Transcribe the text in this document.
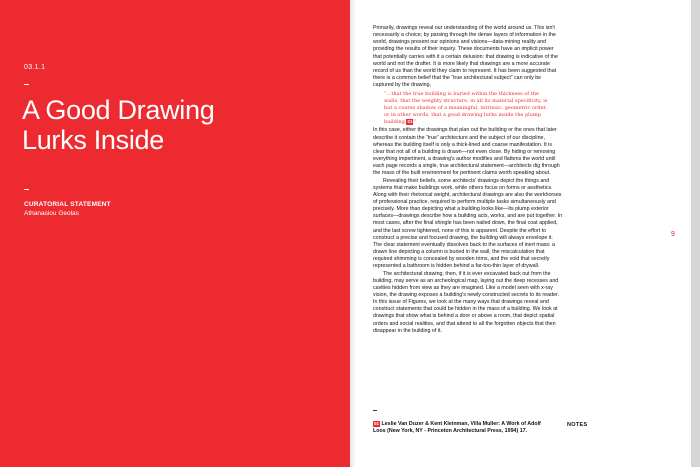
03.1.1
A Good Drawing
Lurks Inside
CURATORIAL STATEMENT
Athanasiou Geolas

Primarily, drawings reveal our understanding of the world around us. This isn't necessarily a choice; by parsing through the dense layers of information in the world, drawings present our opinions and visions—data-mining reality and providing the results of their inquiry. These documents have an implicit power that potentially carries with it a certain delusion: that drawing is indicative of the world and not the drafter. It is more likely that drawings are a more accurate record of us than the world they claim to represent. It has been suggested that there is a common belief that the “true architectural subject” can only be captured by the drawing,

“...that the true building is buried within the thickness of the walls, that the weighty structure, in all its material specificity, is but a coarse shadow of a meaningful, intrinsic, geometric order, or in other words, that a good drawing lurks inside the plump building.01”

In this case, either the drawings that plan out the building or the ones that later describe it contain the “true” architecture and the subject of our discipline, whereas the building itself is only a thick-lined and coarse manifestation. It is clear that not all of a building is drawn—not even close. By hiding or removing everything impertinent, a drawing's author modifies and flattens the world until each page records a single, true architectural statement—architects dig through the mass of the built environment for pertinent claims worth speaking about.

Revealing their beliefs, some architects' drawings depict the things and systems that make buildings work, while others focus on forms or aesthetics. Along with their rhetorical weight, architectural drawings are also the workhorses of professional practice, required to perform multiple tasks simultaneously and precisely. More than depicting what a building looks like—its plump exterior surfaces—drawings describe how a building acts, works, and are put together. In most cases, after the final shingle has been nailed down, the final coat applied, and the last screw tightened, none of this is apparent. Despite the effort to construct a precise and focused drawing, the building will always envelope it. The clear statement eventually dissolves back to the surfaces of inert mass: a drawn line depicting a column is buried in the wall, the miscalculation that required shimming is concealed by wooden trims, and the void that secretly represented a bathroom is hidden behind a far-too-thin layer of drywall.

The architectural drawing, then, if it is ever excavated back out from the building, may serve as an archeological map, laying out the deep recesses and cavities hidden from view as they are imagined. Like a model seen with x-ray vision, the drawing exposes a building's newly constructed secrets to its reader. In this issue of Figures, we look at the many ways that drawings reveal and construct statements that could be hidden in the mass of a building. We look at drawings that show what is behind a door or above a room, that depict spatial orders and social realities, and that attend to all the forgotten objects that then disappear in the building of it.

9
01 Leslie Van Duzer & Kent Kleinman, Villa Muller: A Work of Adolf Loos (New York, NY - Princeton Architectural Press, 1994) 17.
NOTES
